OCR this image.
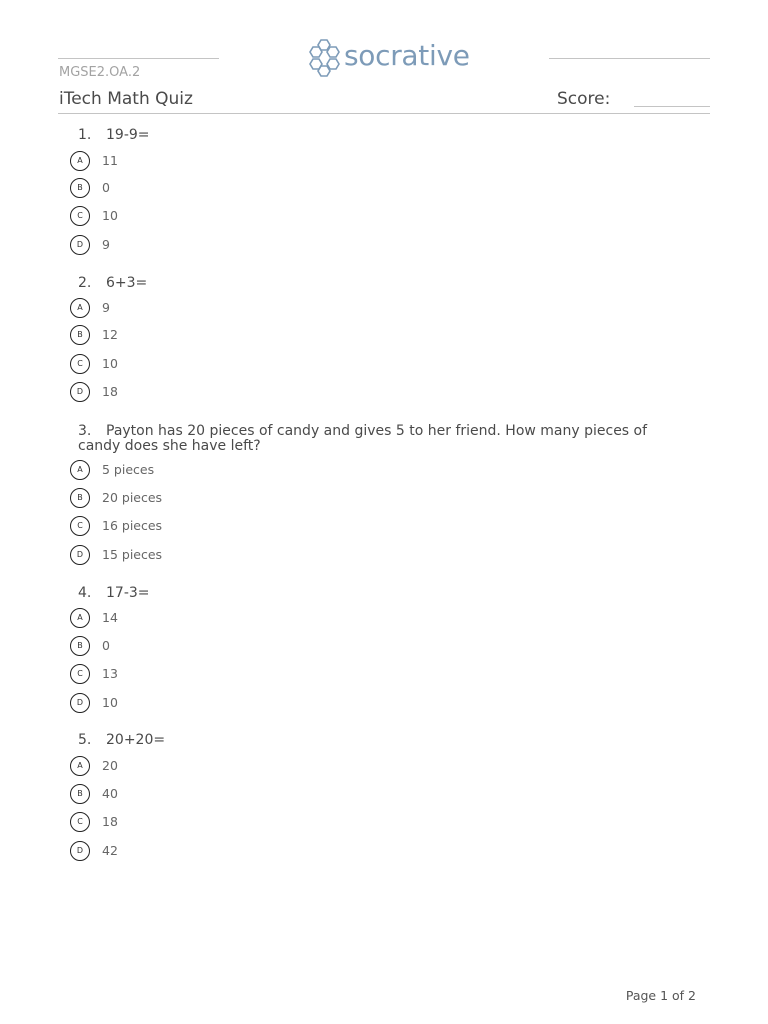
socrative
MGSE2.OA.2
iTech Math Quiz	Score:
1. 19-9=
A	11
B	0
C	10
D	9
2. 6+3=
A	9
B	12
C	10
D	18
3. Payton has 20 pieces of candy and gives 5 to her friend. How many pieces of candy does she have left?
A	5 pieces
B	20 pieces
C	16 pieces
D	15 pieces
4. 17-3=
A	14
B	0
C	13
D	10
5. 20+20=
A	20
B	40
C	18
D	42
Page 1 of 2
